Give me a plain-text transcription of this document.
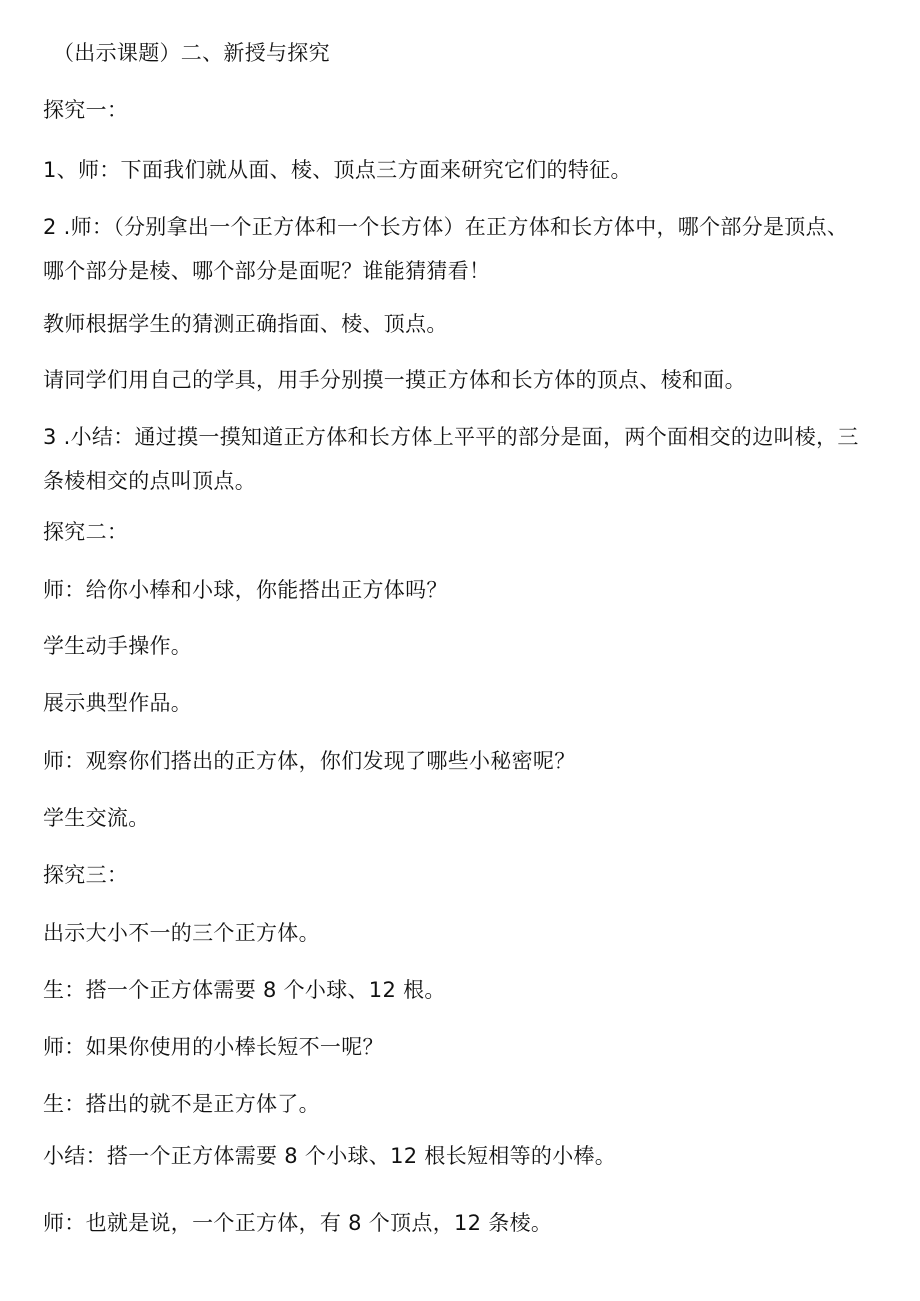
（出示课题）二、新授与探究
探究一：
1、师：下面我们就从面、棱、顶点三方面来研究它们的特征。
2 .师：（分别拿出一个正方体和一个长方体）在正方体和长方体中，哪个部分是顶点、哪个部分是棱、哪个部分是面呢？谁能猜猜看！
教师根据学生的猜测正确指面、棱、顶点。
请同学们用自己的学具，用手分别摸一摸正方体和长方体的顶点、棱和面。
3 .小结：通过摸一摸知道正方体和长方体上平平的部分是面，两个面相交的边叫棱，三条棱相交的点叫顶点。
探究二：
师：给你小棒和小球，你能搭出正方体吗？
学生动手操作。
展示典型作品。
师：观察你们搭出的正方体，你们发现了哪些小秘密呢？
学生交流。
探究三：
出示大小不一的三个正方体。
生：搭一个正方体需要 8 个小球、12 根。
师：如果你使用的小棒长短不一呢？
生：搭出的就不是正方体了。
小结：搭一个正方体需要 8 个小球、12 根长短相等的小棒。
师：也就是说，一个正方体，有 8 个顶点，12 条棱。
